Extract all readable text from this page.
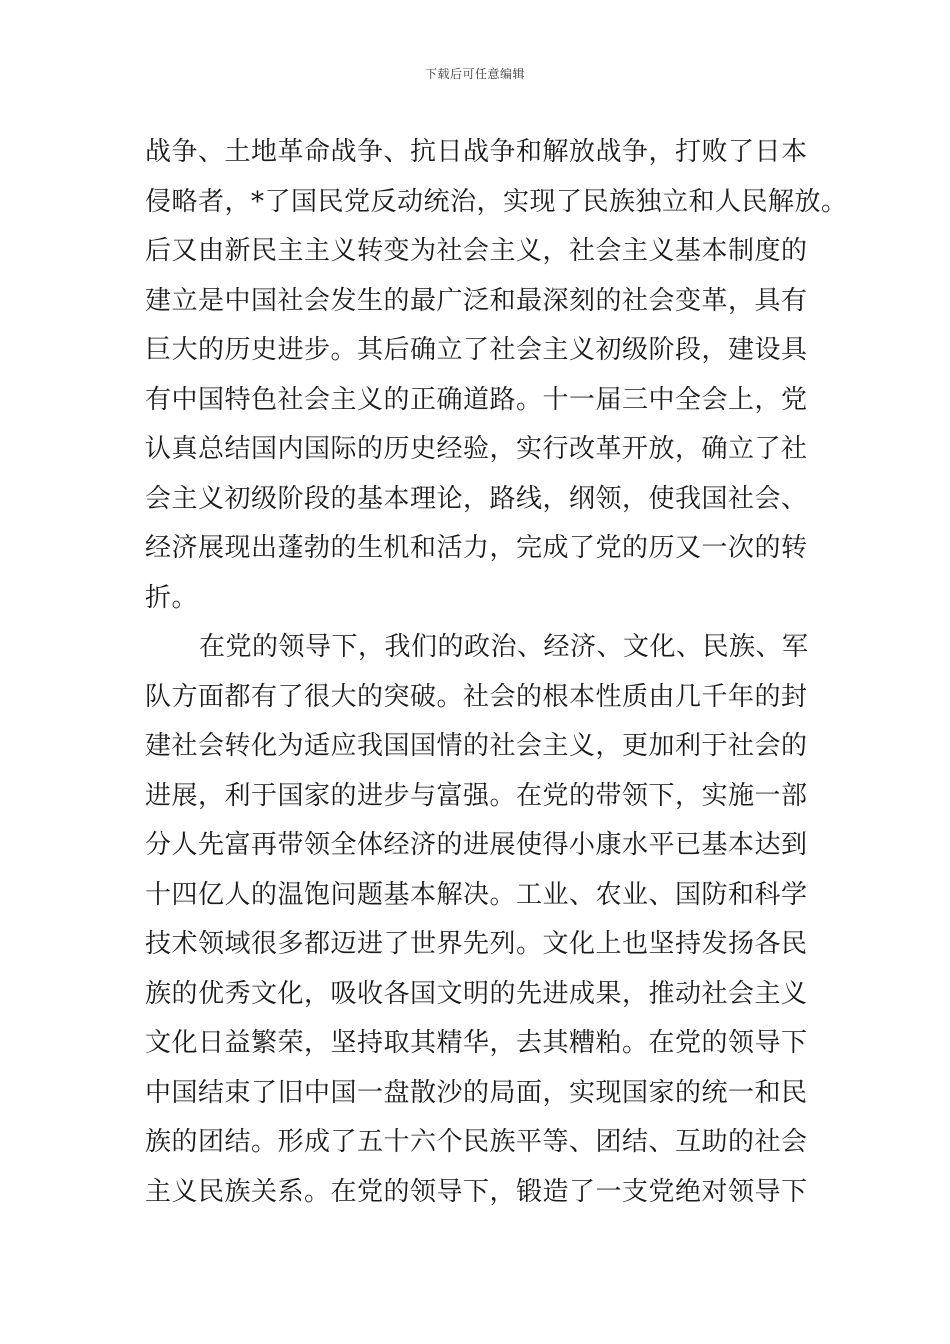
下载后可任意编辑
战争、土地革命战争、抗日战争和解放战争，打败了日本
侵略者，*了国民党反动统治，实现了民族独立和人民解放。
后又由新民主主义转变为社会主义，社会主义基本制度的
建立是中国社会发生的最广泛和最深刻的社会变革，具有
巨大的历史进步。其后确立了社会主义初级阶段，建设具
有中国特色社会主义的正确道路。十一届三中全会上，党
认真总结国内国际的历史经验，实行改革开放，确立了社
会主义初级阶段的基本理论，路线，纲领，使我国社会、
经济展现出蓬勃的生机和活力，完成了党的历又一次的转
折。
在党的领导下，我们的政治、经济、文化、民族、军
队方面都有了很大的突破。社会的根本性质由几千年的封
建社会转化为适应我国国情的社会主义，更加利于社会的
进展，利于国家的进步与富强。在党的带领下，实施一部
分人先富再带领全体经济的进展使得小康水平已基本达到
十四亿人的温饱问题基本解决。工业、农业、国防和科学
技术领域很多都迈进了世界先列。文化上也坚持发扬各民
族的优秀文化，吸收各国文明的先进成果，推动社会主义
文化日益繁荣，坚持取其精华，去其糟粕。在党的领导下
中国结束了旧中国一盘散沙的局面，实现国家的统一和民
族的团结。形成了五十六个民族平等、团结、互助的社会
主义民族关系。在党的领导下，锻造了一支党绝对领导下
